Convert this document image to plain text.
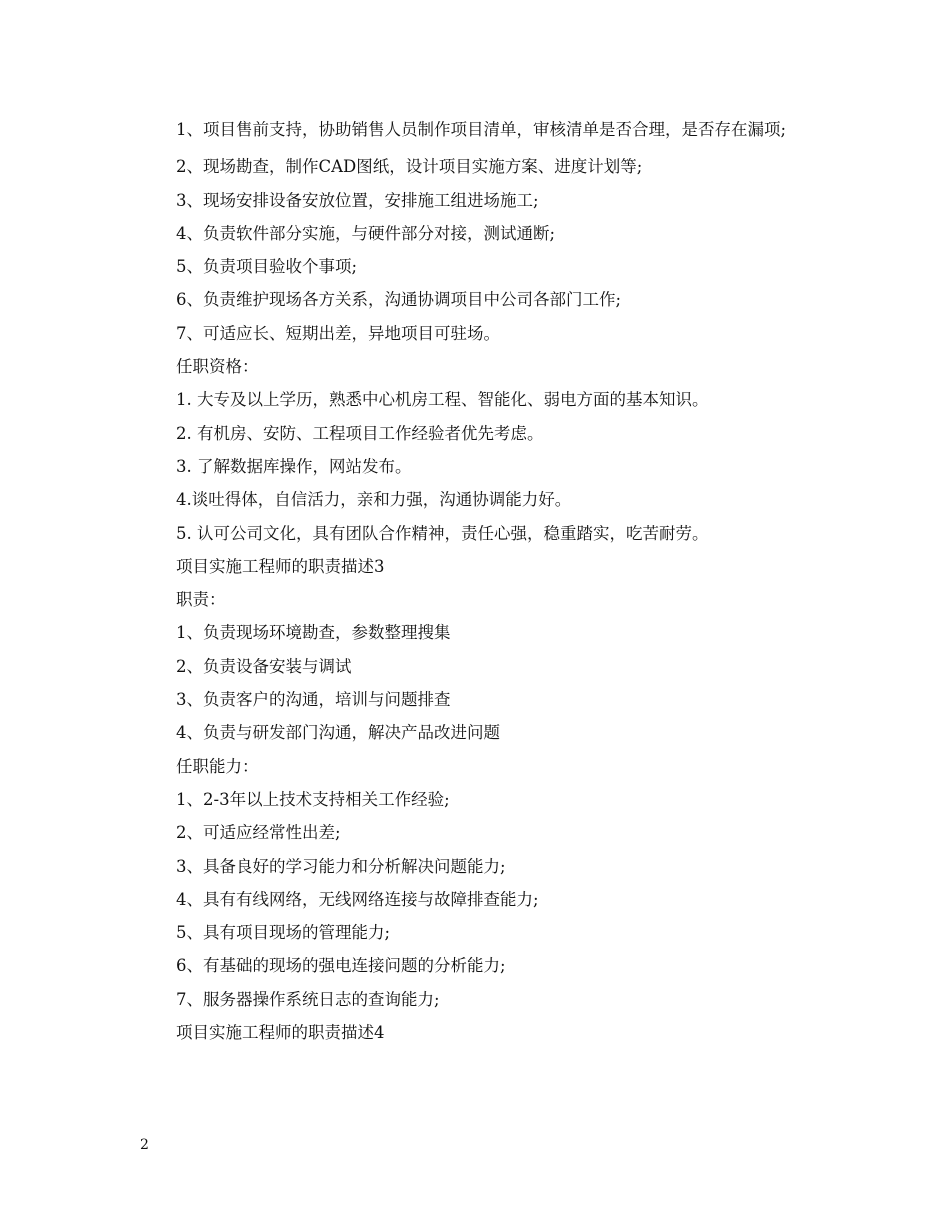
1、项目售前支持，协助销售人员制作项目清单，审核清单是否合理，是否存在漏项;
2、现场勘查，制作CAD图纸，设计项目实施方案、进度计划等;
3、现场安排设备安放位置，安排施工组进场施工;
4、负责软件部分实施，与硬件部分对接，测试通断;
5、负责项目验收个事项;
6、负责维护现场各方关系，沟通协调项目中公司各部门工作;
7、可适应长、短期出差，异地项目可驻场。
任职资格：
1. 大专及以上学历，熟悉中心机房工程、智能化、弱电方面的基本知识。
2. 有机房、安防、工程项目工作经验者优先考虑。
3. 了解数据库操作，网站发布。
4.谈吐得体，自信活力，亲和力强，沟通协调能力好。
5. 认可公司文化，具有团队合作精神，责任心强，稳重踏实，吃苦耐劳。
项目实施工程师的职责描述3
职责：
1、负责现场环境勘查，参数整理搜集
2、负责设备安装与调试
3、负责客户的沟通，培训与问题排查
4、负责与研发部门沟通，解决产品改进问题
任职能力：
1、2-3年以上技术支持相关工作经验;
2、可适应经常性出差;
3、具备良好的学习能力和分析解决问题能力;
4、具有有线网络，无线网络连接与故障排查能力;
5、具有项目现场的管理能力;
6、有基础的现场的强电连接问题的分析能力;
7、服务器操作系统日志的查询能力;
项目实施工程师的职责描述4
2
